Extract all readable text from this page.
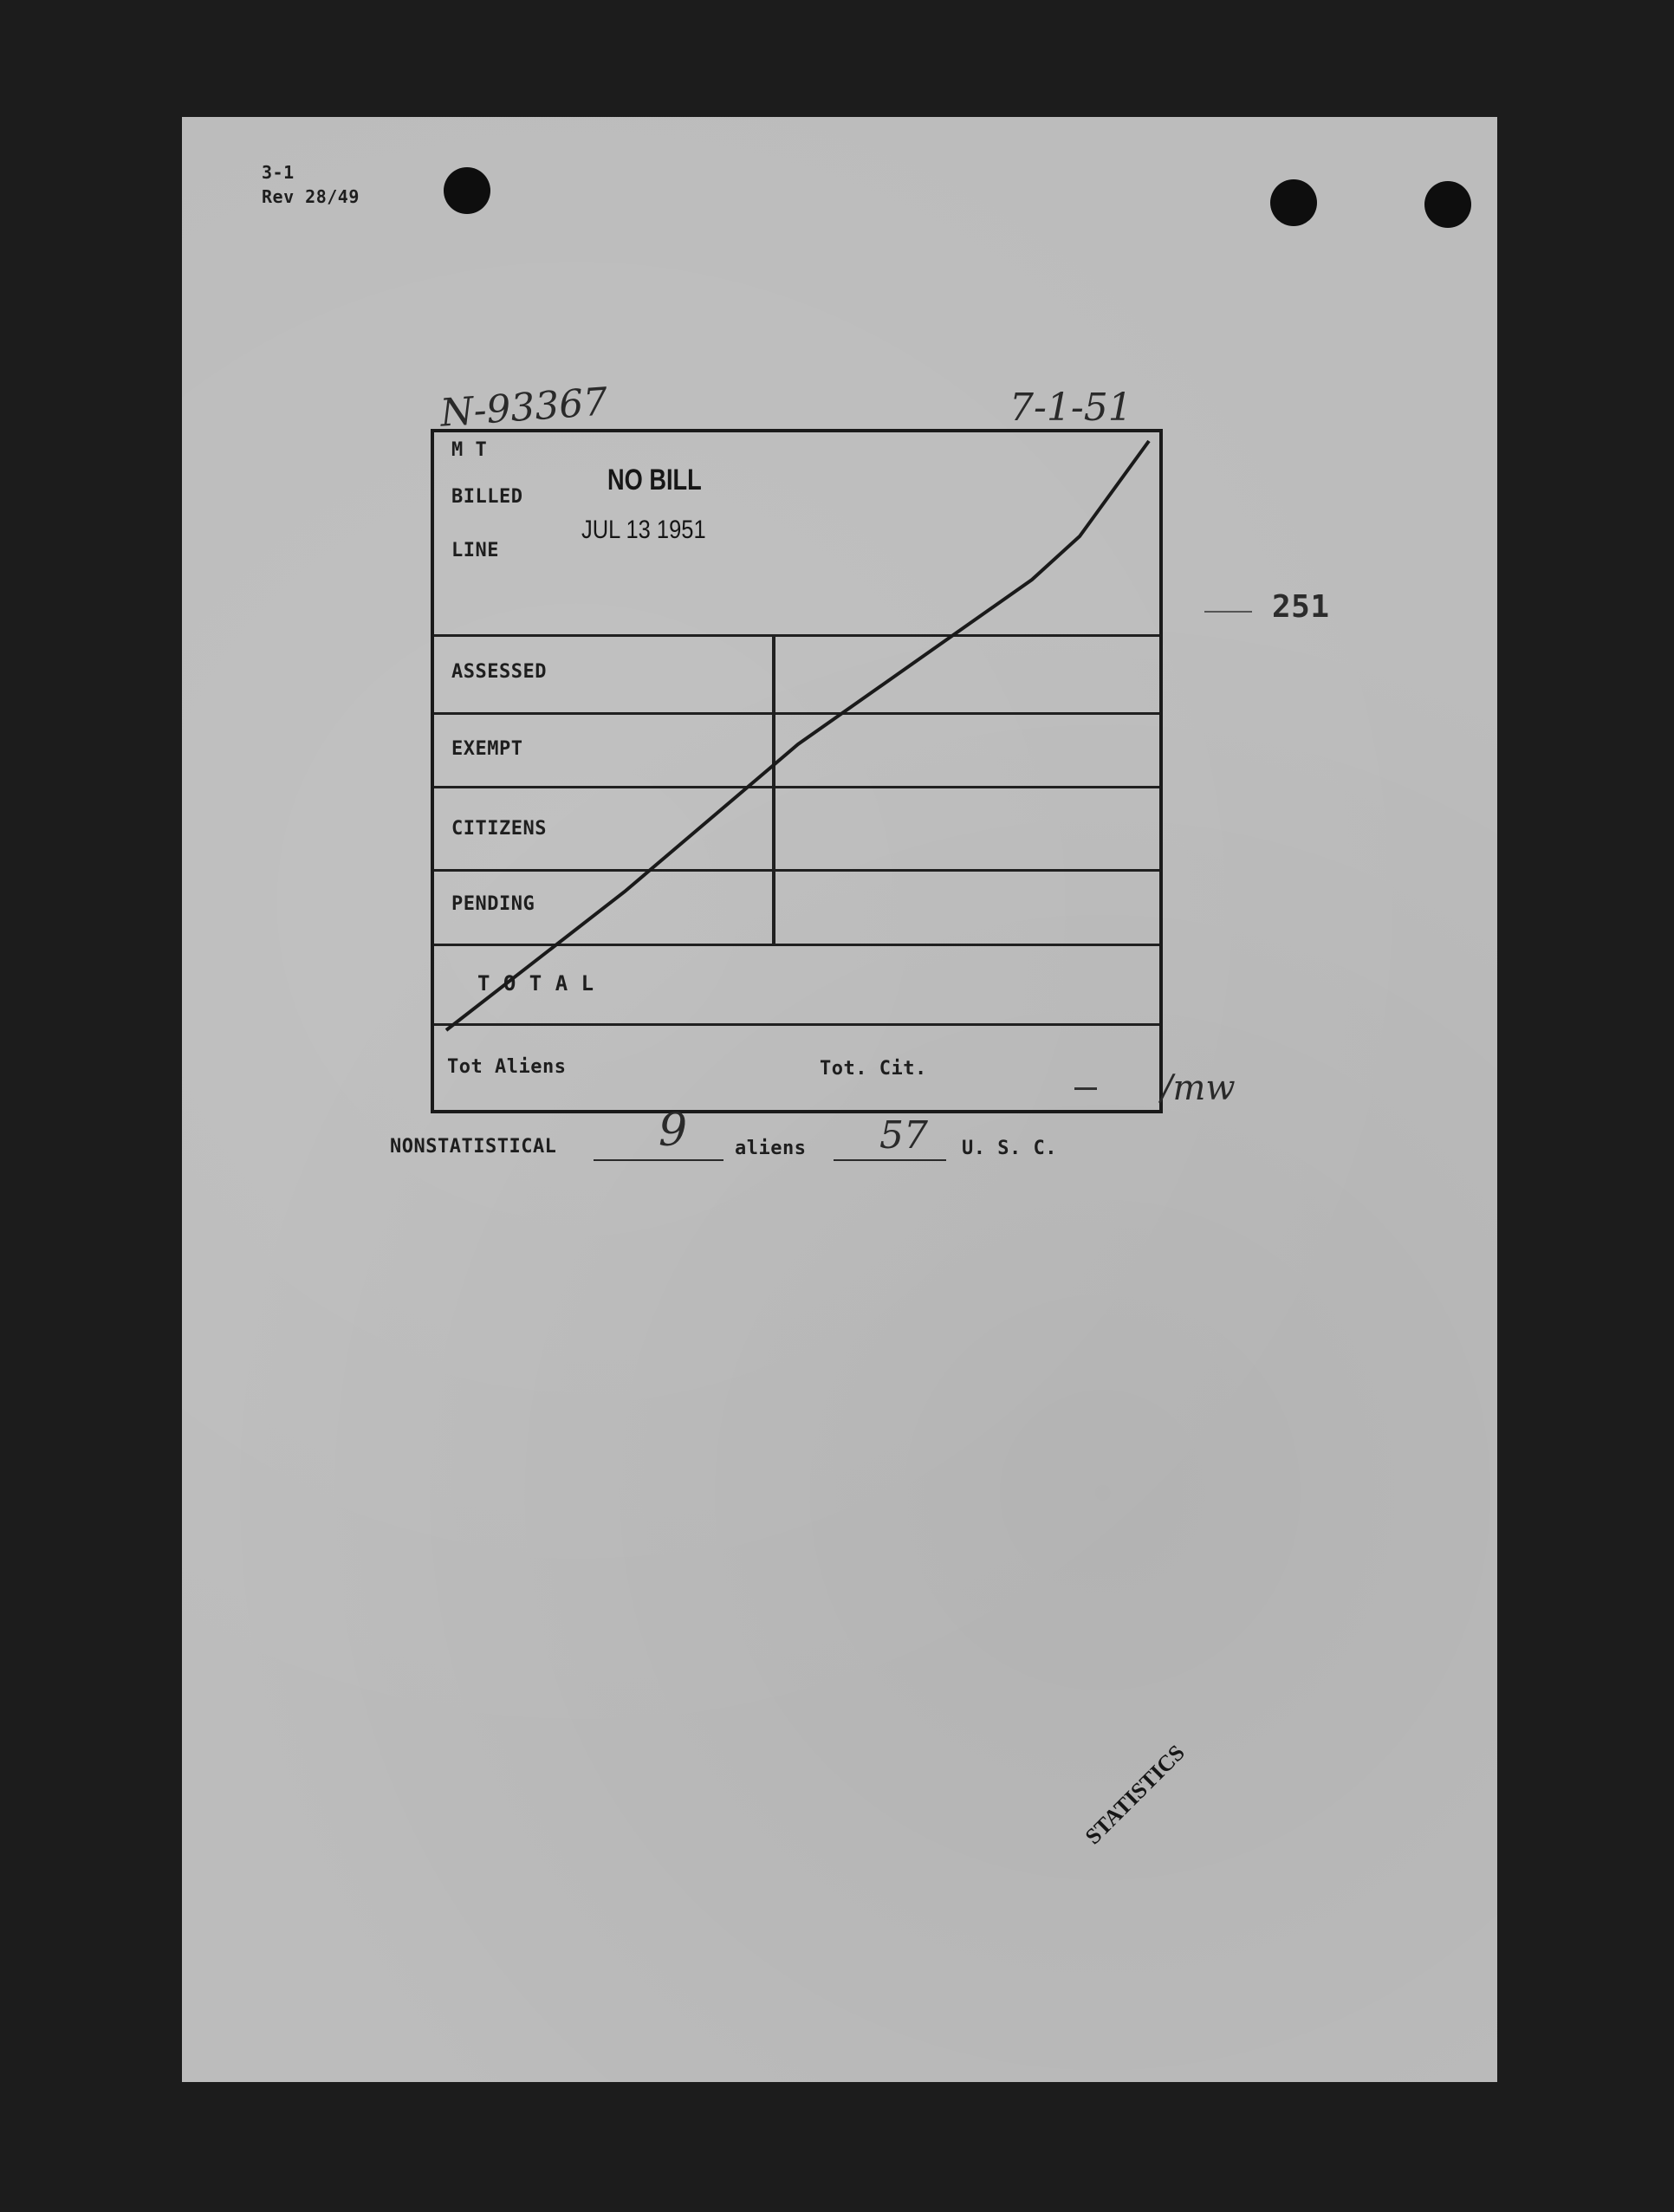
3-1
Rev 28/49
N-93367	7-1-51
251
M T
BILLED
LINE
NO BILL
JUL 13 1951
ASSESSED
EXEMPT
CITIZENS
PENDING
T O T A L
Tot Aliens	Tot. Cit.	/mw
NONSTATISTICAL 9 aliens 57 U. S. C.
STATISTICS
